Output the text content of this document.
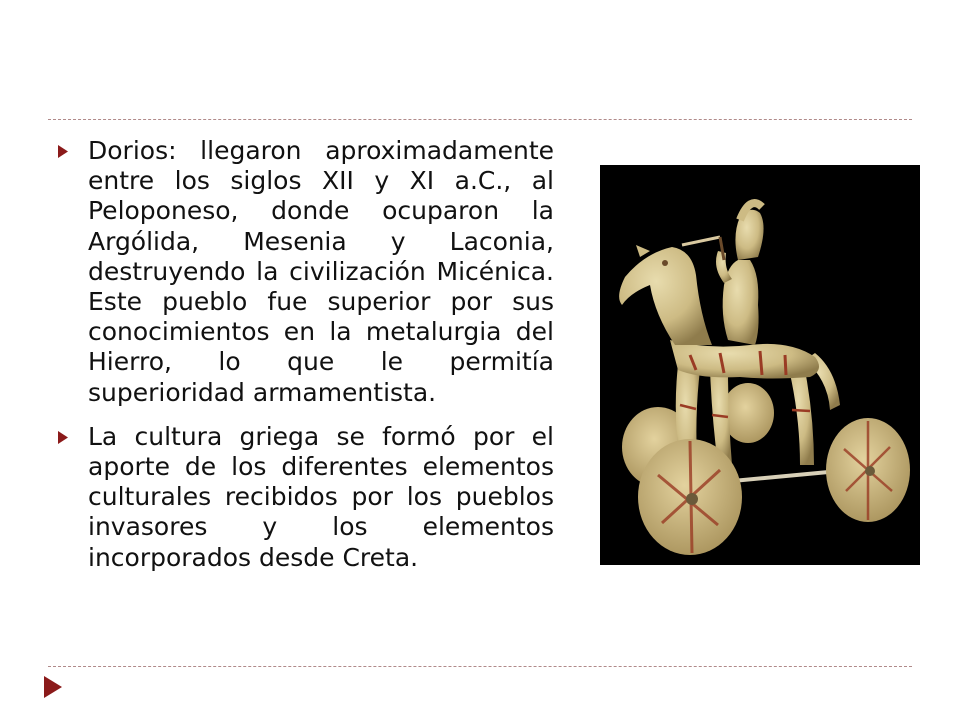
Dorios: llegaron aproximadamente entre los siglos XII y XI a.C., al Peloponeso, donde ocuparon la Argólida, Mesenia y Laconia, destruyendo la civilización Micénica. Este pueblo fue superior por sus conocimientos en la metalurgia del Hierro, lo que le permitía superioridad armamentista.
La cultura griega se formó por el aporte de los diferentes elementos culturales recibidos por los pueblos invasores y los elementos incorporados desde Creta.
